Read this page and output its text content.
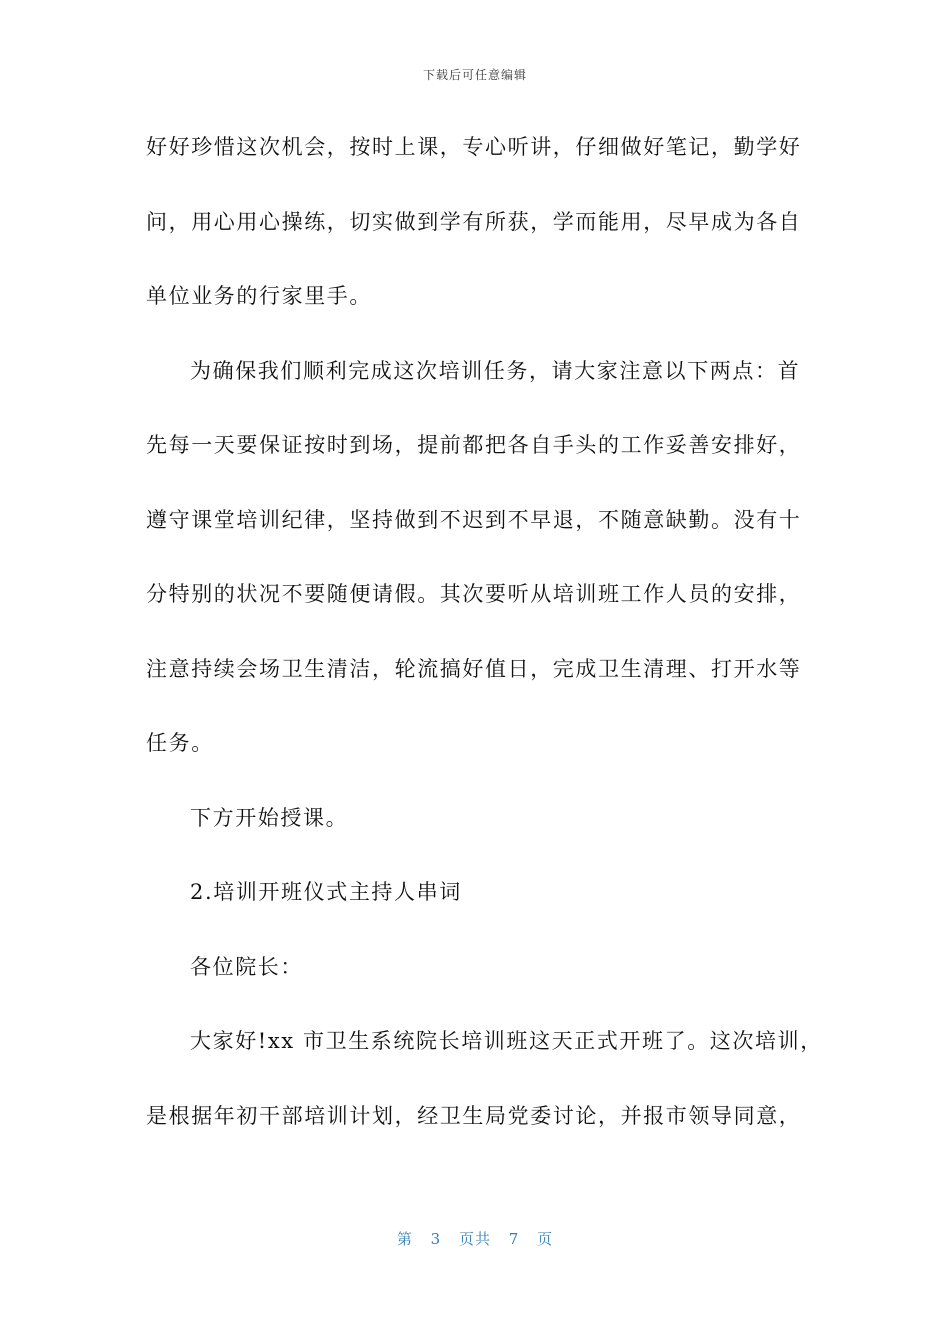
下载后可任意编辑
好好珍惜这次机会，按时上课，专心听讲，仔细做好笔记，勤学好
问，用心用心操练，切实做到学有所获，学而能用，尽早成为各自
单位业务的行家里手。
为确保我们顺利完成这次培训任务，请大家注意以下两点：首
先每一天要保证按时到场，提前都把各自手头的工作妥善安排好，
遵守课堂培训纪律，坚持做到不迟到不早退，不随意缺勤。没有十
分特别的状况不要随便请假。其次要听从培训班工作人员的安排，
注意持续会场卫生清洁，轮流搞好值日，完成卫生清理、打开水等
任务。
下方开始授课。
2.培训开班仪式主持人串词
各位院长：
大家好!xx 市卫生系统院长培训班这天正式开班了。这次培训，
是根据年初干部培训计划，经卫生局党委讨论，并报市领导同意，
第 3 页共 7 页
